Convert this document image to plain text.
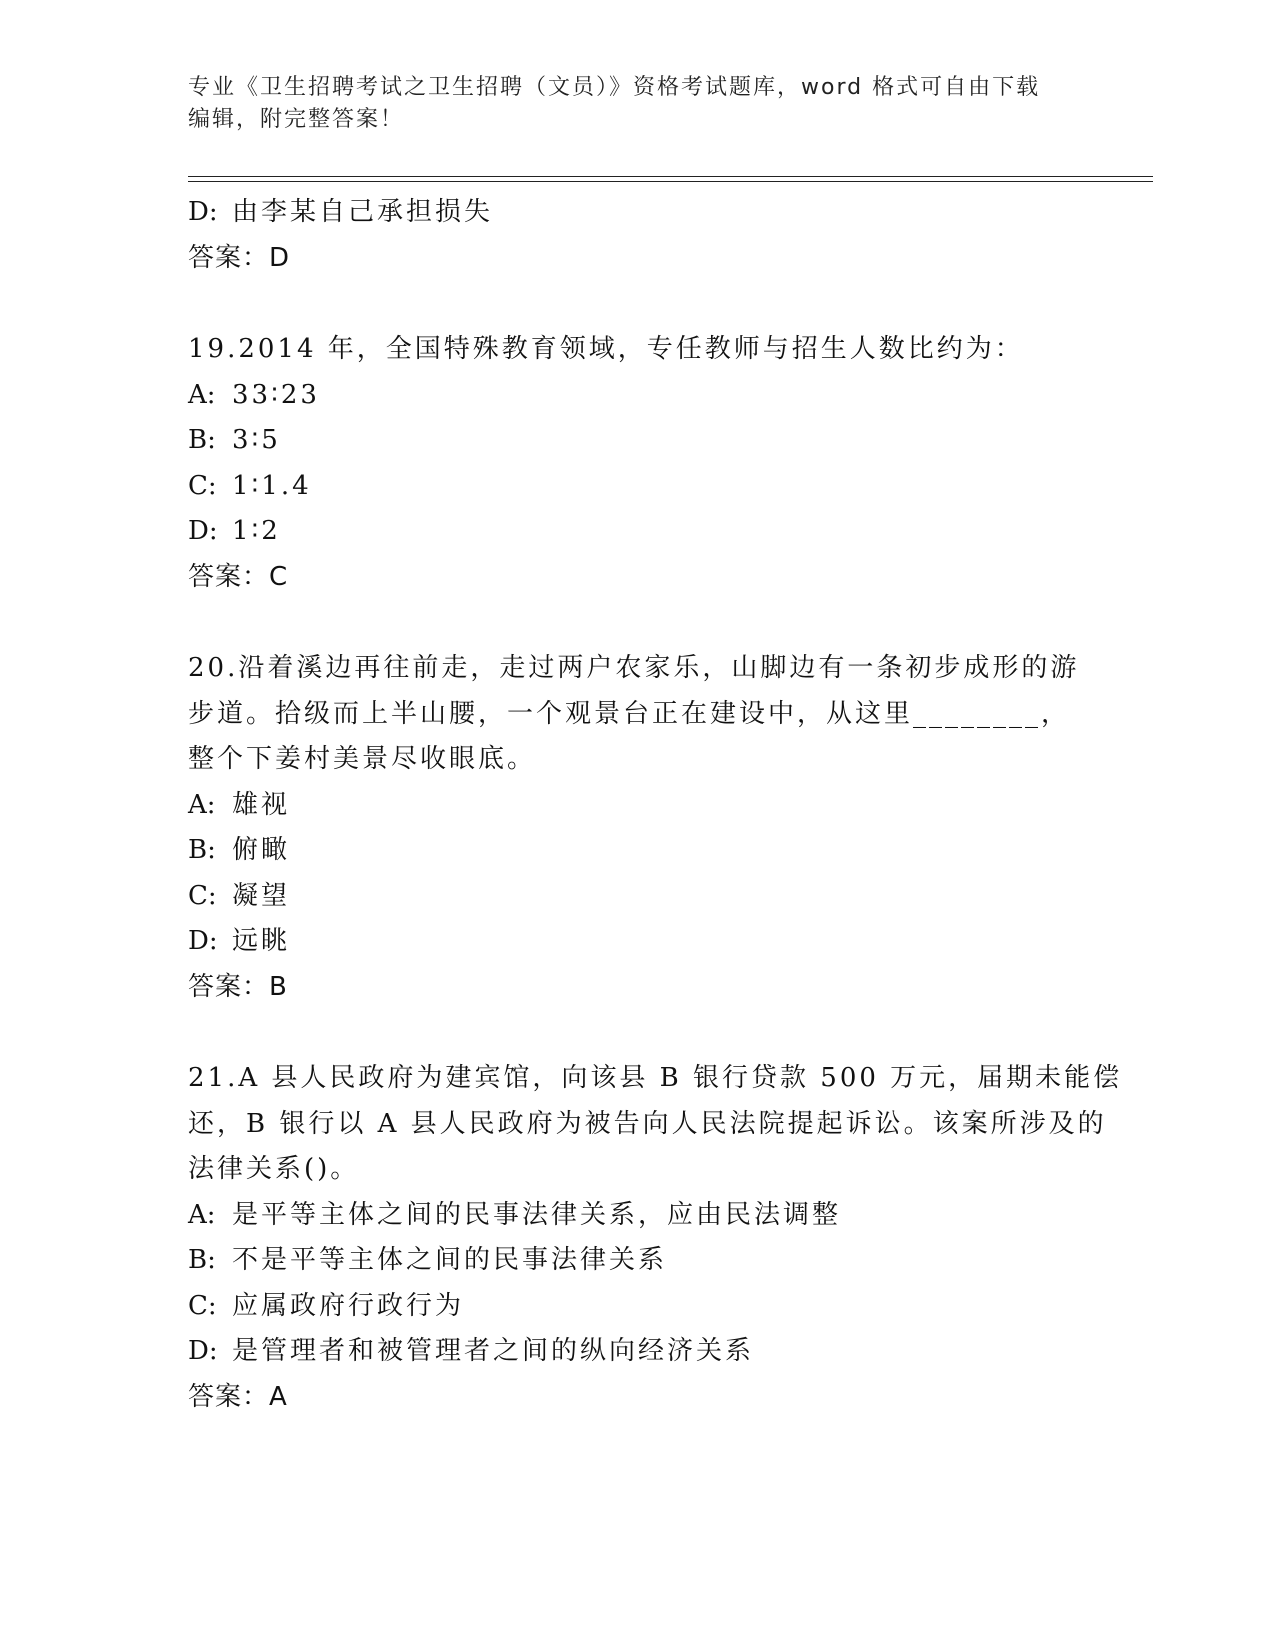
专业《卫生招聘考试之卫生招聘（文员）》资格考试题库，word 格式可自由下载
编辑，附完整答案！
D: 由李某自己承担损失
答案：D
19.2014 年，全国特殊教育领域，专任教师与招生人数比约为：
A: 33∶23
B: 3∶5
C: 1∶1.4
D: 1∶2
答案：C
20.沿着溪边再往前走，走过两户农家乐，山脚边有一条初步成形的游
步道。拾级而上半山腰，一个观景台正在建设中，从这里________，
整个下姜村美景尽收眼底。
A: 雄视
B: 俯瞰
C: 凝望
D: 远眺
答案：B
21.A 县人民政府为建宾馆，向该县 B 银行贷款 500 万元，届期未能偿
还，B 银行以 A 县人民政府为被告向人民法院提起诉讼。该案所涉及的
法律关系()。
A: 是平等主体之间的民事法律关系，应由民法调整
B: 不是平等主体之间的民事法律关系
C: 应属政府行政行为
D: 是管理者和被管理者之间的纵向经济关系
答案：A
